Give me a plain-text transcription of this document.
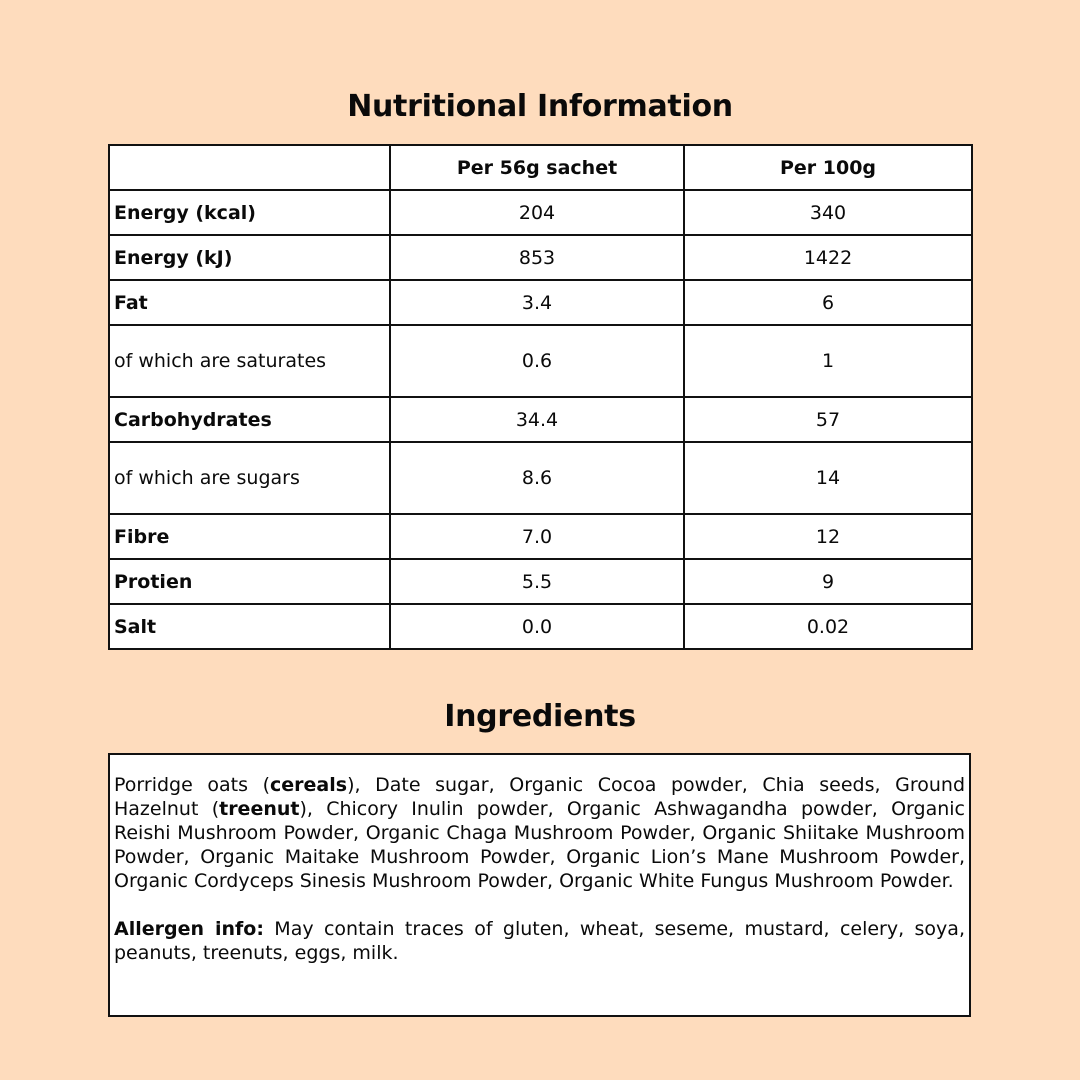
Nutritional Information
	Per 56g sachet	Per 100g
Energy (kcal)	204	340
Energy (kJ)	853	1422
Fat	3.4	6
of which are saturates	0.6	1
Carbohydrates	34.4	57
of which are sugars	8.6	14
Fibre	7.0	12
Protien	5.5	9
Salt	0.0	0.02
Ingredients

Porridge oats (cereals), Date sugar, Organic Cocoa powder, Chia seeds, Ground Hazelnut (treenut), Chicory Inulin powder, Organic Ashwagandha powder, Organic Reishi Mushroom Powder, Organic Chaga Mushroom Powder, Organic Shiitake Mushroom Powder, Organic Maitake Mushroom Powder, Organic Lion’s Mane Mushroom Powder, Organic Cordyceps Sinesis Mushroom Powder, Organic White Fungus Mushroom Powder.

Allergen info: May contain traces of gluten, wheat, seseme, mustard, celery, soya, peanuts, treenuts, eggs, milk.
